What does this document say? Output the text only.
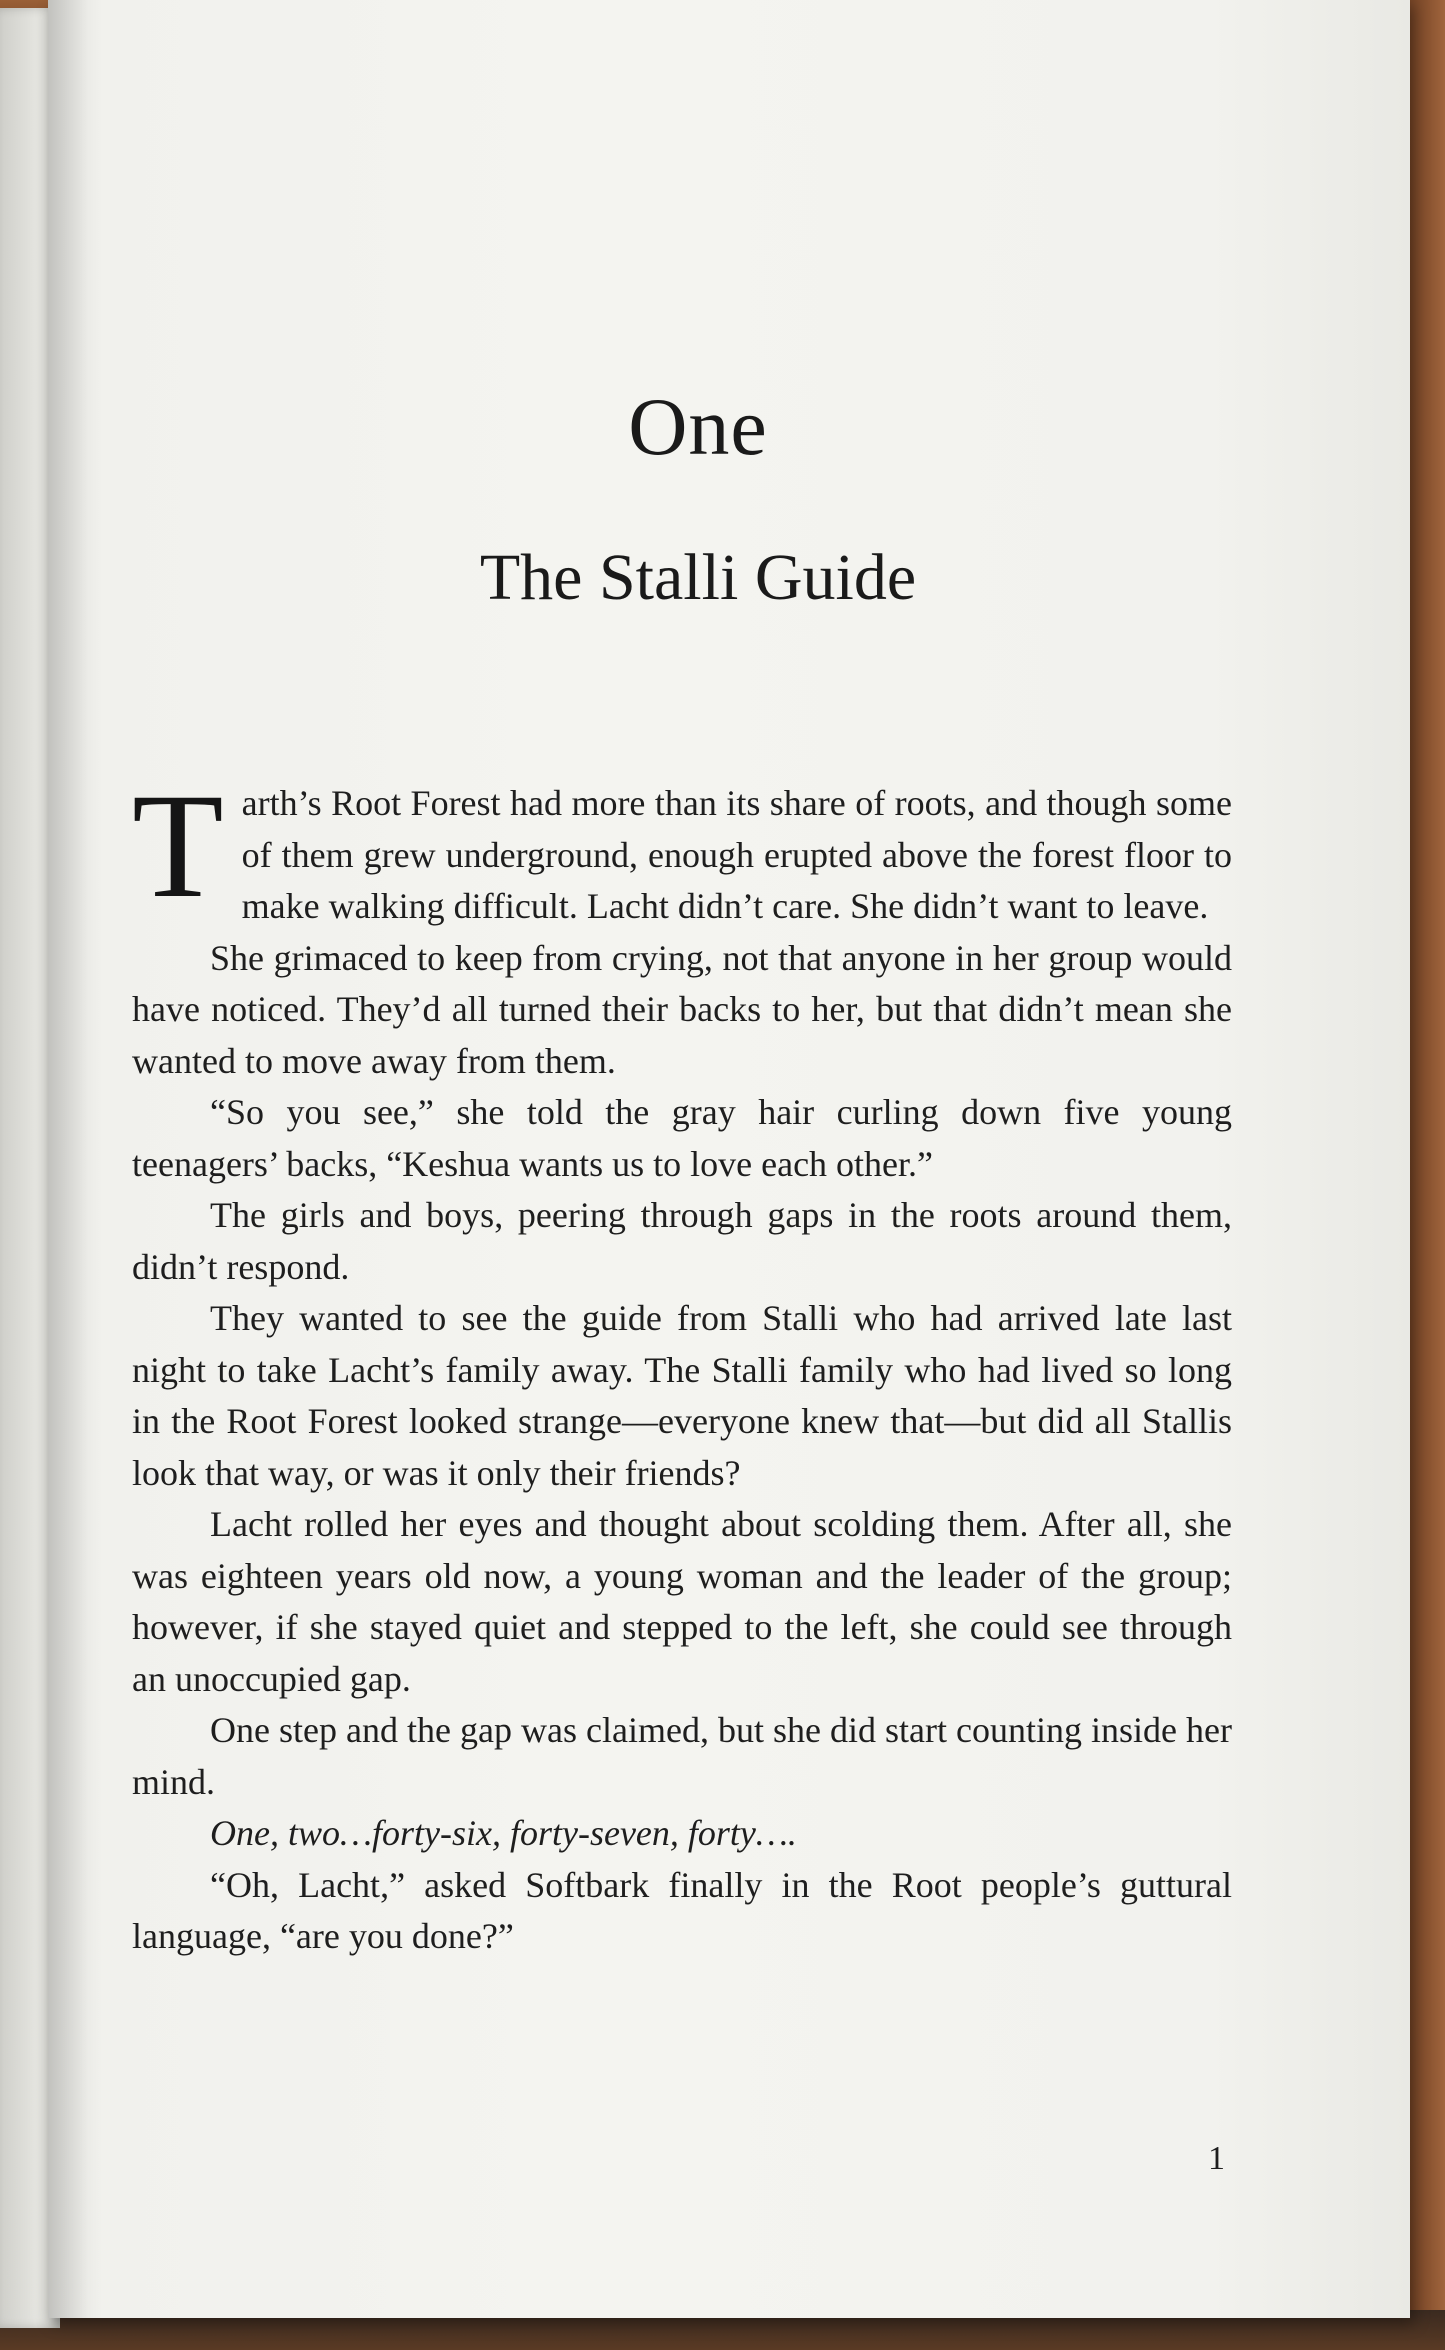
One
The Stalli Guide

Tarth’s Root Forest had more than its share of roots, and though some of them grew underground, enough erupted above the forest floor to make walking difficult. Lacht didn’t care. She didn’t want to leave.

She grimaced to keep from crying, not that anyone in her group would have noticed. They’d all turned their backs to her, but that didn’t mean she wanted to move away from them.

“So you see,” she told the gray hair curling down five young teenagers’ backs, “Keshua wants us to love each other.”

The girls and boys, peering through gaps in the roots around them, didn’t respond.

They wanted to see the guide from Stalli who had arrived late last night to take Lacht’s family away. The Stalli family who had lived so long in the Root Forest looked strange—everyone knew that—but did all Stallis look that way, or was it only their friends?

Lacht rolled her eyes and thought about scolding them. After all, she was eighteen years old now, a young woman and the leader of the group; however, if she stayed quiet and stepped to the left, she could see through an unoccupied gap.

One step and the gap was claimed, but she did start counting inside her mind.

One, two…forty-six, forty-seven, forty….

“Oh, Lacht,” asked Softbark finally in the Root people’s guttural language, “are you done?”

1
